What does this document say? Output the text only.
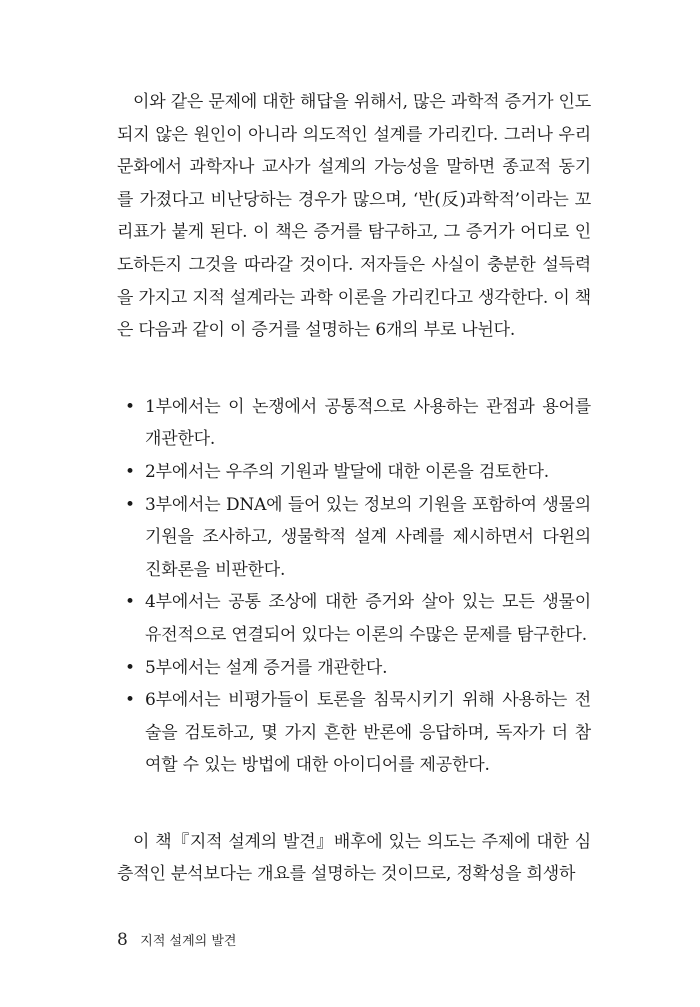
이와 같은 문제에 대한 해답을 위해서, 많은 과학적 증거가 인도되지 않은 원인이 아니라 의도적인 설계를 가리킨다. 그러나 우리 문화에서 과학자나 교사가 설계의 가능성을 말하면 종교적 동기를 가졌다고 비난당하는 경우가 많으며, ‘반(反)과학적’이라는 꼬리표가 붙게 된다. 이 책은 증거를 탐구하고, 그 증거가 어디로 인도하든지 그것을 따라갈 것이다. 저자들은 사실이 충분한 설득력을 가지고 지적 설계라는 과학 이론을 가리킨다고 생각한다. 이 책은 다음과 같이 이 증거를 설명하는 6개의 부로 나뉜다.

• 1부에서는 이 논쟁에서 공통적으로 사용하는 관점과 용어를 개관한다.
• 2부에서는 우주의 기원과 발달에 대한 이론을 검토한다.
• 3부에서는 DNA에 들어 있는 정보의 기원을 포함하여 생물의 기원을 조사하고, 생물학적 설계 사례를 제시하면서 다윈의 진화론을 비판한다.
• 4부에서는 공통 조상에 대한 증거와 살아 있는 모든 생물이 유전적으로 연결되어 있다는 이론의 수많은 문제를 탐구한다.
• 5부에서는 설계 증거를 개관한다.
• 6부에서는 비평가들이 토론을 침묵시키기 위해 사용하는 전술을 검토하고, 몇 가지 흔한 반론에 응답하며, 독자가 더 참여할 수 있는 방법에 대한 아이디어를 제공한다.

이 책『지적 설계의 발견』배후에 있는 의도는 주제에 대한 심층적인 분석보다는 개요를 설명하는 것이므로, 정확성을 희생하

8 지적 설계의 발견
